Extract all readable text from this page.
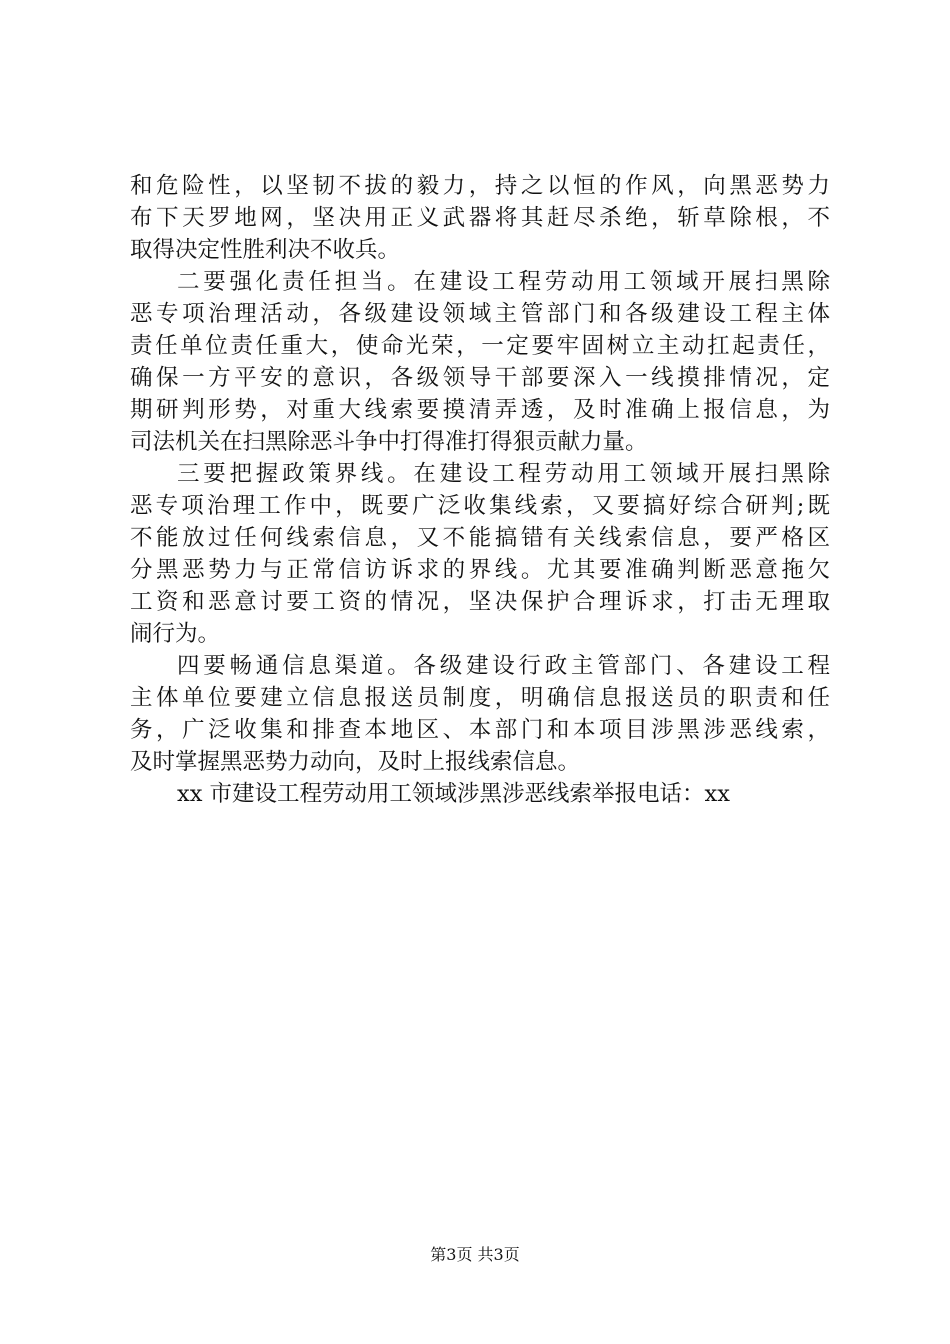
和危险性，以坚韧不拔的毅力，持之以恒的作风，向黑恶势力
布下天罗地网，坚决用正义武器将其赶尽杀绝，斩草除根，不
取得决定性胜利决不收兵。
二要强化责任担当。在建设工程劳动用工领域开展扫黑除
恶专项治理活动，各级建设领域主管部门和各级建设工程主体
责任单位责任重大，使命光荣，一定要牢固树立主动扛起责任，
确保一方平安的意识，各级领导干部要深入一线摸排情况，定
期研判形势，对重大线索要摸清弄透，及时准确上报信息，为
司法机关在扫黑除恶斗争中打得准打得狠贡献力量。
三要把握政策界线。在建设工程劳动用工领域开展扫黑除
恶专项治理工作中，既要广泛收集线索，又要搞好综合研判;既
不能放过任何线索信息，又不能搞错有关线索信息，要严格区
分黑恶势力与正常信访诉求的界线。尤其要准确判断恶意拖欠
工资和恶意讨要工资的情况，坚决保护合理诉求，打击无理取
闹行为。
四要畅通信息渠道。各级建设行政主管部门、各建设工程
主体单位要建立信息报送员制度，明确信息报送员的职责和任
务，广泛收集和排查本地区、本部门和本项目涉黑涉恶线索，
及时掌握黑恶势力动向，及时上报线索信息。
xx 市建设工程劳动用工领域涉黑涉恶线索举报电话：xx
第3页 共3页
